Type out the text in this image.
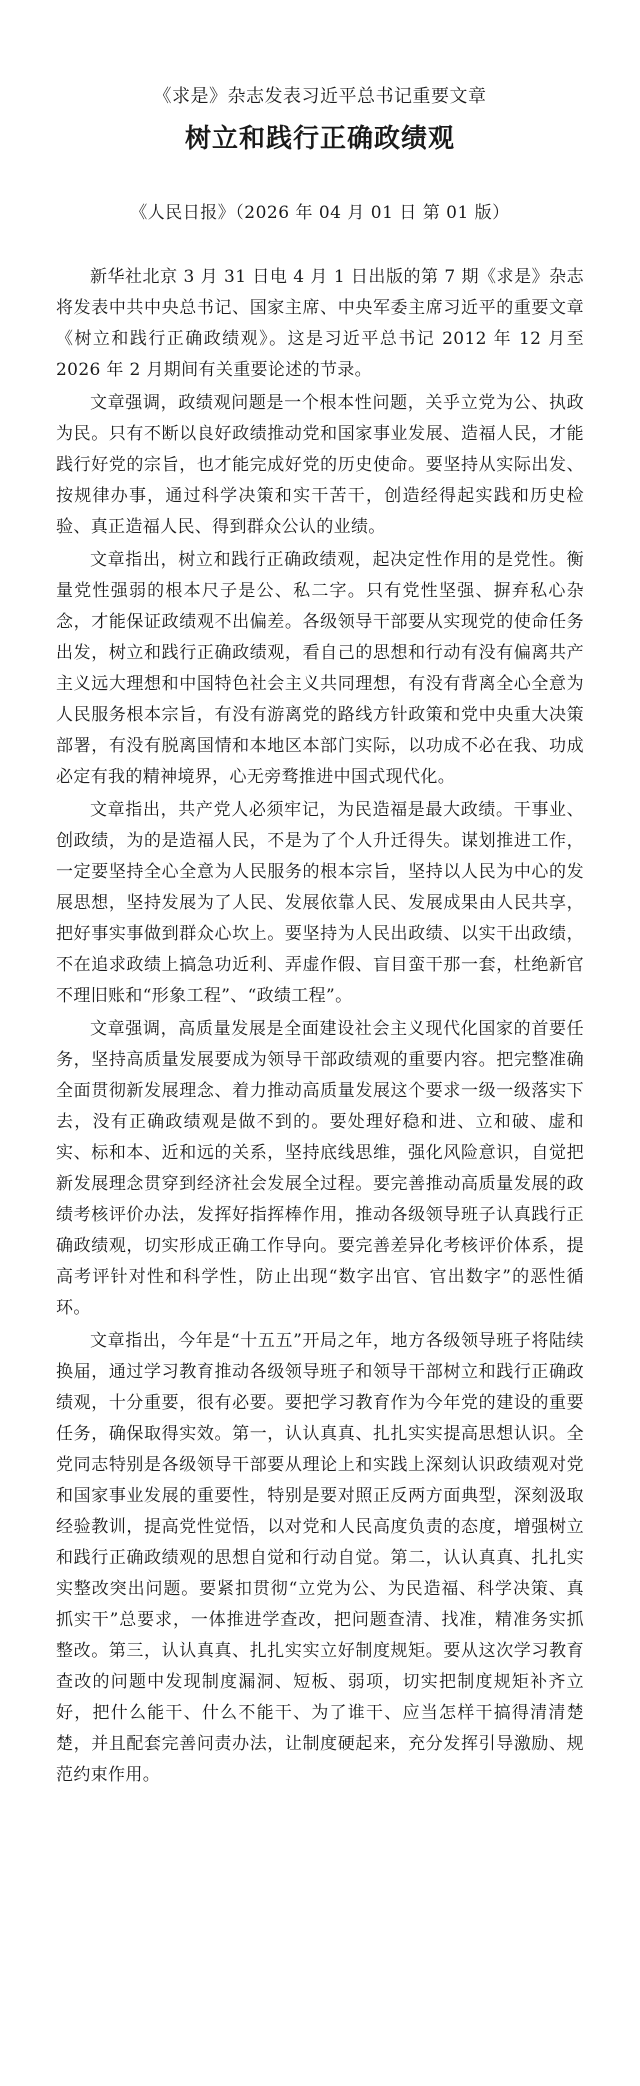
《求是》杂志发表习近平总书记重要文章
树立和践行正确政绩观
《人民日报》（2026 年 04 月 01 日 第 01 版）

新华社北京 3 月 31 日电 4 月 1 日出版的第 7 期《求是》杂志将发表中共中央总书记、国家主席、中央军委主席习近平的重要文章《树立和践行正确政绩观》。这是习近平总书记 2012 年 12 月至 2026 年 2 月期间有关重要论述的节录。

文章强调，政绩观问题是一个根本性问题，关乎立党为公、执政为民。只有不断以良好政绩推动党和国家事业发展、造福人民，才能践行好党的宗旨，也才能完成好党的历史使命。要坚持从实际出发、按规律办事，通过科学决策和实干苦干，创造经得起实践和历史检验、真正造福人民、得到群众公认的业绩。

文章指出，树立和践行正确政绩观，起决定性作用的是党性。衡量党性强弱的根本尺子是公、私二字。只有党性坚强、摒弃私心杂念，才能保证政绩观不出偏差。各级领导干部要从实现党的使命任务出发，树立和践行正确政绩观，看自己的思想和行动有没有偏离共产主义远大理想和中国特色社会主义共同理想，有没有背离全心全意为人民服务根本宗旨，有没有游离党的路线方针政策和党中央重大决策部署，有没有脱离国情和本地区本部门实际，以功成不必在我、功成必定有我的精神境界，心无旁骛推进中国式现代化。

文章指出，共产党人必须牢记，为民造福是最大政绩。干事业、创政绩，为的是造福人民，不是为了个人升迁得失。谋划推进工作，一定要坚持全心全意为人民服务的根本宗旨，坚持以人民为中心的发展思想，坚持发展为了人民、发展依靠人民、发展成果由人民共享，把好事实事做到群众心坎上。要坚持为人民出政绩、以实干出政绩，不在追求政绩上搞急功近利、弄虚作假、盲目蛮干那一套，杜绝新官不理旧账和“形象工程”、“政绩工程”。

文章强调，高质量发展是全面建设社会主义现代化国家的首要任务，坚持高质量发展要成为领导干部政绩观的重要内容。把完整准确全面贯彻新发展理念、着力推动高质量发展这个要求一级一级落实下去，没有正确政绩观是做不到的。要处理好稳和进、立和破、虚和实、标和本、近和远的关系，坚持底线思维，强化风险意识，自觉把新发展理念贯穿到经济社会发展全过程。要完善推动高质量发展的政绩考核评价办法，发挥好指挥棒作用，推动各级领导班子认真践行正确政绩观，切实形成正确工作导向。要完善差异化考核评价体系，提高考评针对性和科学性，防止出现“数字出官、官出数字”的恶性循环。

文章指出，今年是“十五五”开局之年，地方各级领导班子将陆续换届，通过学习教育推动各级领导班子和领导干部树立和践行正确政绩观，十分重要，很有必要。要把学习教育作为今年党的建设的重要任务，确保取得实效。第一，认认真真、扎扎实实提高思想认识。全党同志特别是各级领导干部要从理论上和实践上深刻认识政绩观对党和国家事业发展的重要性，特别是要对照正反两方面典型，深刻汲取经验教训，提高党性觉悟，以对党和人民高度负责的态度，增强树立和践行正确政绩观的思想自觉和行动自觉。第二，认认真真、扎扎实实整改突出问题。要紧扣贯彻“立党为公、为民造福、科学决策、真抓实干”总要求，一体推进学查改，把问题查清、找准，精准务实抓整改。第三，认认真真、扎扎实实立好制度规矩。要从这次学习教育查改的问题中发现制度漏洞、短板、弱项，切实把制度规矩补齐立好，把什么能干、什么不能干、为了谁干、应当怎样干搞得清清楚楚，并且配套完善问责办法，让制度硬起来，充分发挥引导激励、规范约束作用。
